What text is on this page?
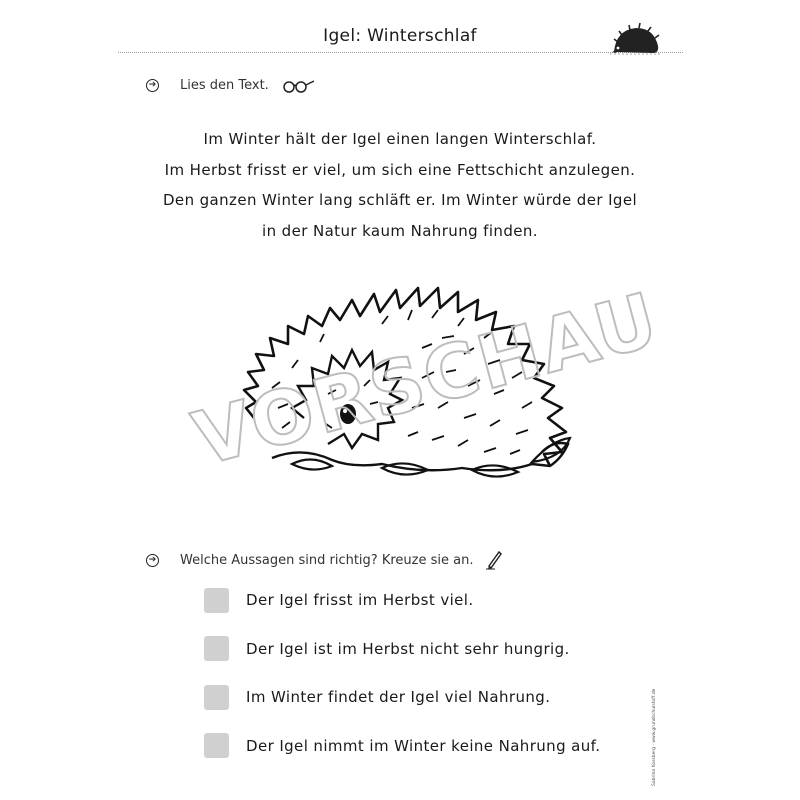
Igel: Winterschlaf
➔ Lies den Text.
Im Winter hält der Igel einen langen Winterschlaf.
Im Herbst frisst er viel, um sich eine Fettschicht anzulegen.
Den ganzen Winter lang schläft er. Im Winter würde der Igel
in der Natur kaum Nahrung finden.
VORSCHAU
➔ Welche Aussagen sind richtig? Kreuze sie an.
Der Igel frisst im Herbst viel.
Der Igel ist im Herbst nicht sehr hungrig.
Im Winter findet der Igel viel Nahrung.
Der Igel nimmt im Winter keine Nahrung auf.	Sabrina Kossberg · www.grundschulstoff.de
